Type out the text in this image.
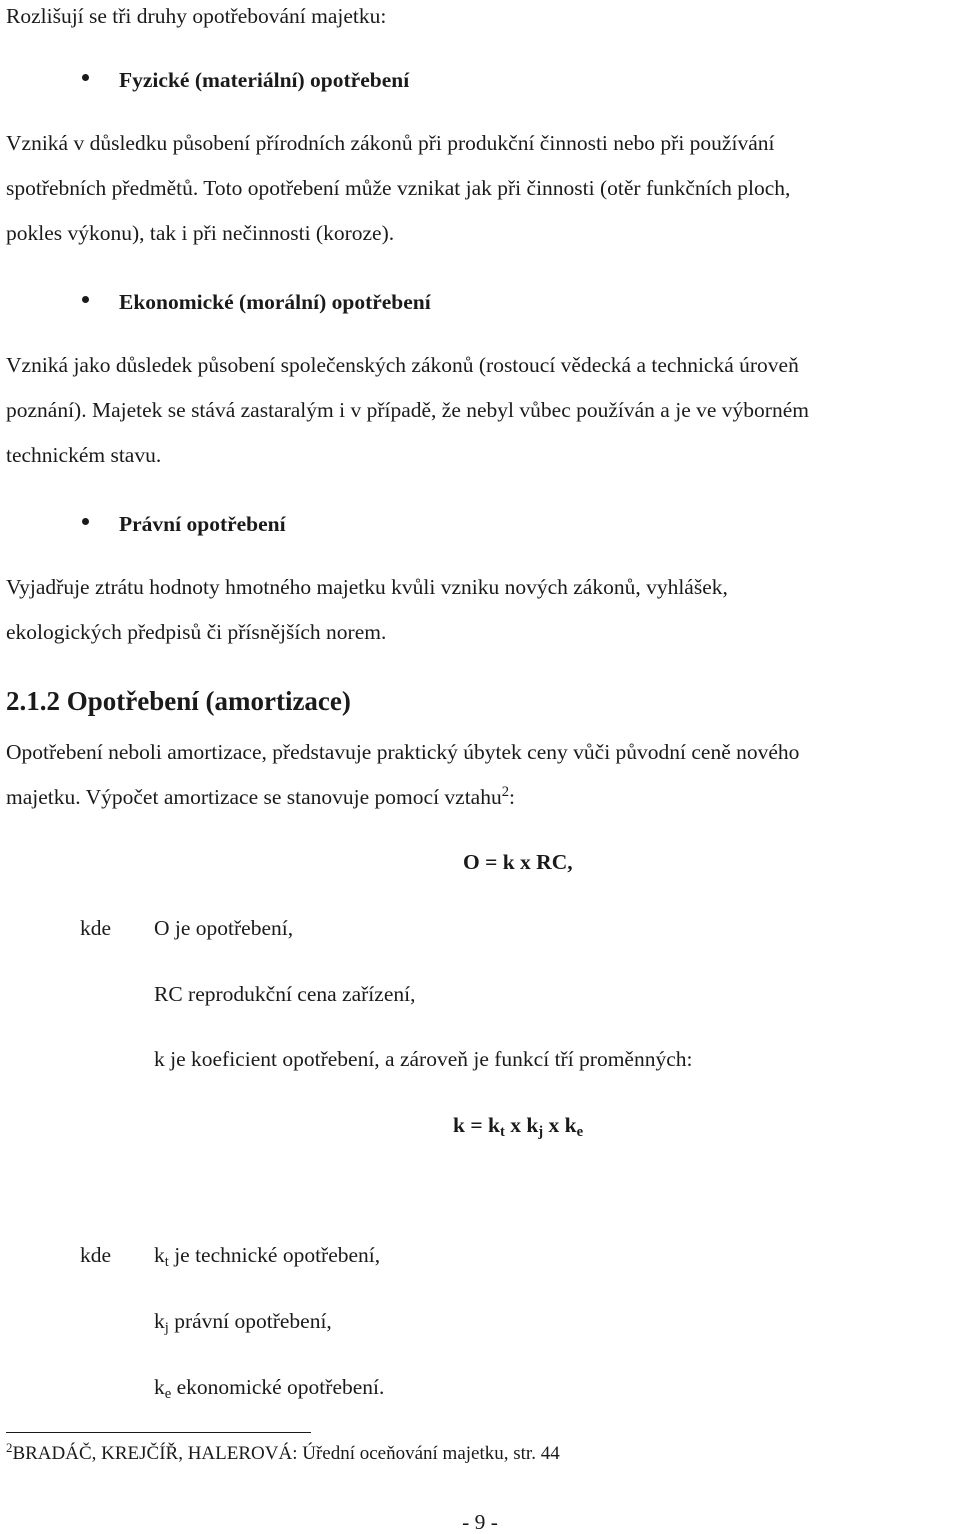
Rozlišují se tři druhy opotřebování majetku:
Fyzické (materiální) opotřebení
Vzniká v důsledku působení přírodních zákonů při produkční činnosti nebo při používání
spotřebních předmětů. Toto opotřebení může vznikat jak při činnosti (otěr funkčních ploch,
pokles výkonu), tak i při nečinnosti (koroze).
Ekonomické (morální) opotřebení
Vzniká jako důsledek působení společenských zákonů (rostoucí vědecká a technická úroveň
poznání). Majetek se stává zastaralým i v případě, že nebyl vůbec používán a je ve výborném
technickém stavu.
Právní opotřebení
Vyjadřuje ztrátu hodnoty hmotného majetku kvůli vzniku nových zákonů, vyhlášek,
ekologických předpisů či přísnějších norem.
2.1.2 Opotřebení (amortizace)
Opotřebení neboli amortizace, představuje praktický úbytek ceny vůči původní ceně nového
majetku. Výpočet amortizace se stanovuje pomocí vztahu$^2$:
O = k x RC,
kde O je opotřebení,
RC reprodukční cena zařízení,
k je koeficient opotřebení, a zároveň je funkcí tří proměnných:
$k = k_t$ x $k_j$ x $k_e$
kde $k_t$ je technické opotřebení,
$k_j$ právní opotřebení,
$k_e$ ekonomické opotřebení.
$^2$BRADÁČ, KREJČÍŘ, HALEROVÁ: Úřední oceňování majetku, str. 44
- 9 -
